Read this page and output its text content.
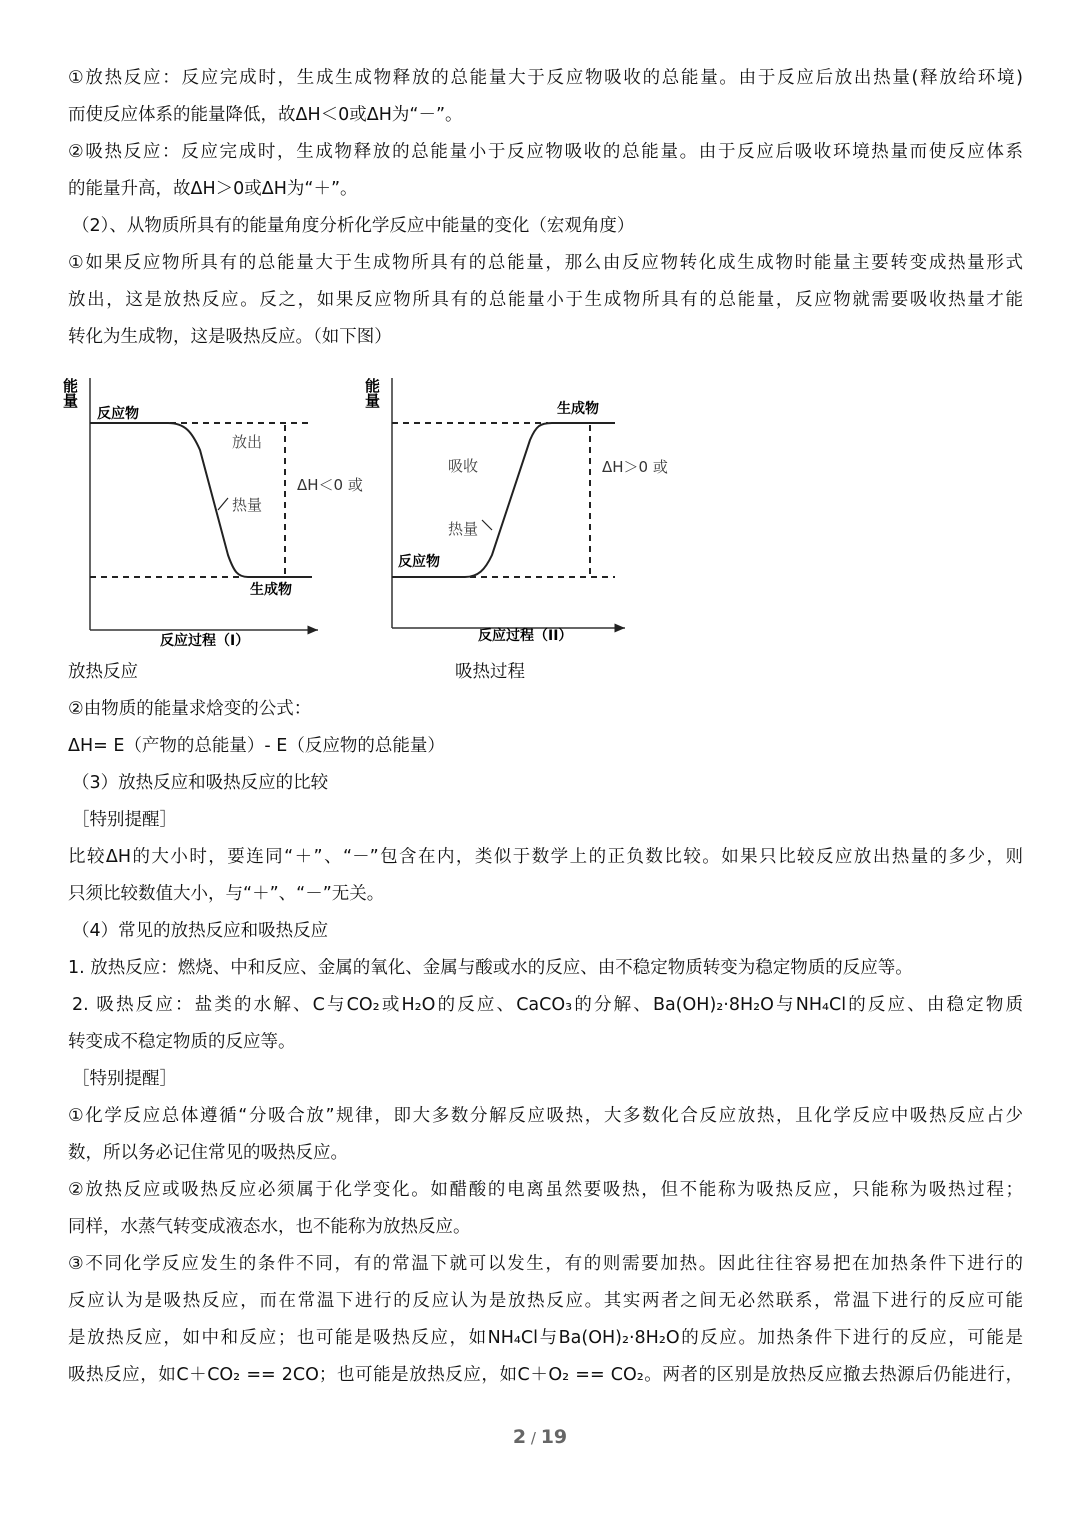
①放热反应：反应完成时，生成生成物释放的总能量大于反应物吸收的总能量。由于反应后放出热量(释放给环境)
而使反应体系的能量降低，故ΔH＜0或ΔH为“－”。
②吸热反应：反应完成时，生成物释放的总能量小于反应物吸收的总能量。由于反应后吸收环境热量而使反应体系
的能量升高，故ΔH＞0或ΔH为“＋”。
（2）、从物质所具有的能量角度分析化学反应中能量的变化（宏观角度）
①如果反应物所具有的总能量大于生成物所具有的总能量，那么由反应物转化成生成物时能量主要转变成热量形式
放出，这是放热反应。反之，如果反应物所具有的总能量小于生成物所具有的总能量，反应物就需要吸收热量才能
转化为生成物，这是吸热反应。（如下图）
能量
反应物
放出
热量
ΔH＜0 或
生成物
反应过程（I）
能量
生成物
吸收
热量
反应物
ΔH＞0 或
反应过程（II）
放热反应	吸热过程
②由物质的能量求焓变的公式：
ΔH= E（产物的总能量）- E（反应物的总能量）
（3）放热反应和吸热反应的比较
［特别提醒］
比较ΔH的大小时，要连同“＋”、“－”包含在内，类似于数学上的正负数比较。如果只比较反应放出热量的多少，则
只须比较数值大小，与“＋”、“－”无关。
（4）常见的放热反应和吸热反应
1. 放热反应：燃烧、中和反应、金属的氧化、金属与酸或水的反应、由不稳定物质转变为稳定物质的反应等。
2. 吸热反应：盐类的水解、C与CO₂或H₂O的反应、CaCO₃的分解、Ba(OH)₂·8H₂O与NH₄Cl的反应、由稳定物质
转变成不稳定物质的反应等。
［特别提醒］
①化学反应总体遵循“分吸合放”规律，即大多数分解反应吸热，大多数化合反应放热，且化学反应中吸热反应占少
数，所以务必记住常见的吸热反应。
②放热反应或吸热反应必须属于化学变化。如醋酸的电离虽然要吸热，但不能称为吸热反应，只能称为吸热过程；
同样，水蒸气转变成液态水，也不能称为放热反应。
③不同化学反应发生的条件不同，有的常温下就可以发生，有的则需要加热。因此往往容易把在加热条件下进行的
反应认为是吸热反应，而在常温下进行的反应认为是放热反应。其实两者之间无必然联系，常温下进行的反应可能
是放热反应，如中和反应；也可能是吸热反应，如NH₄Cl与Ba(OH)₂·8H₂O的反应。加热条件下进行的反应，可能是
吸热反应，如C＋CO₂ == 2CO；也可能是放热反应，如C＋O₂ == CO₂。两者的区别是放热反应撤去热源后仍能进行，
2 / 19
